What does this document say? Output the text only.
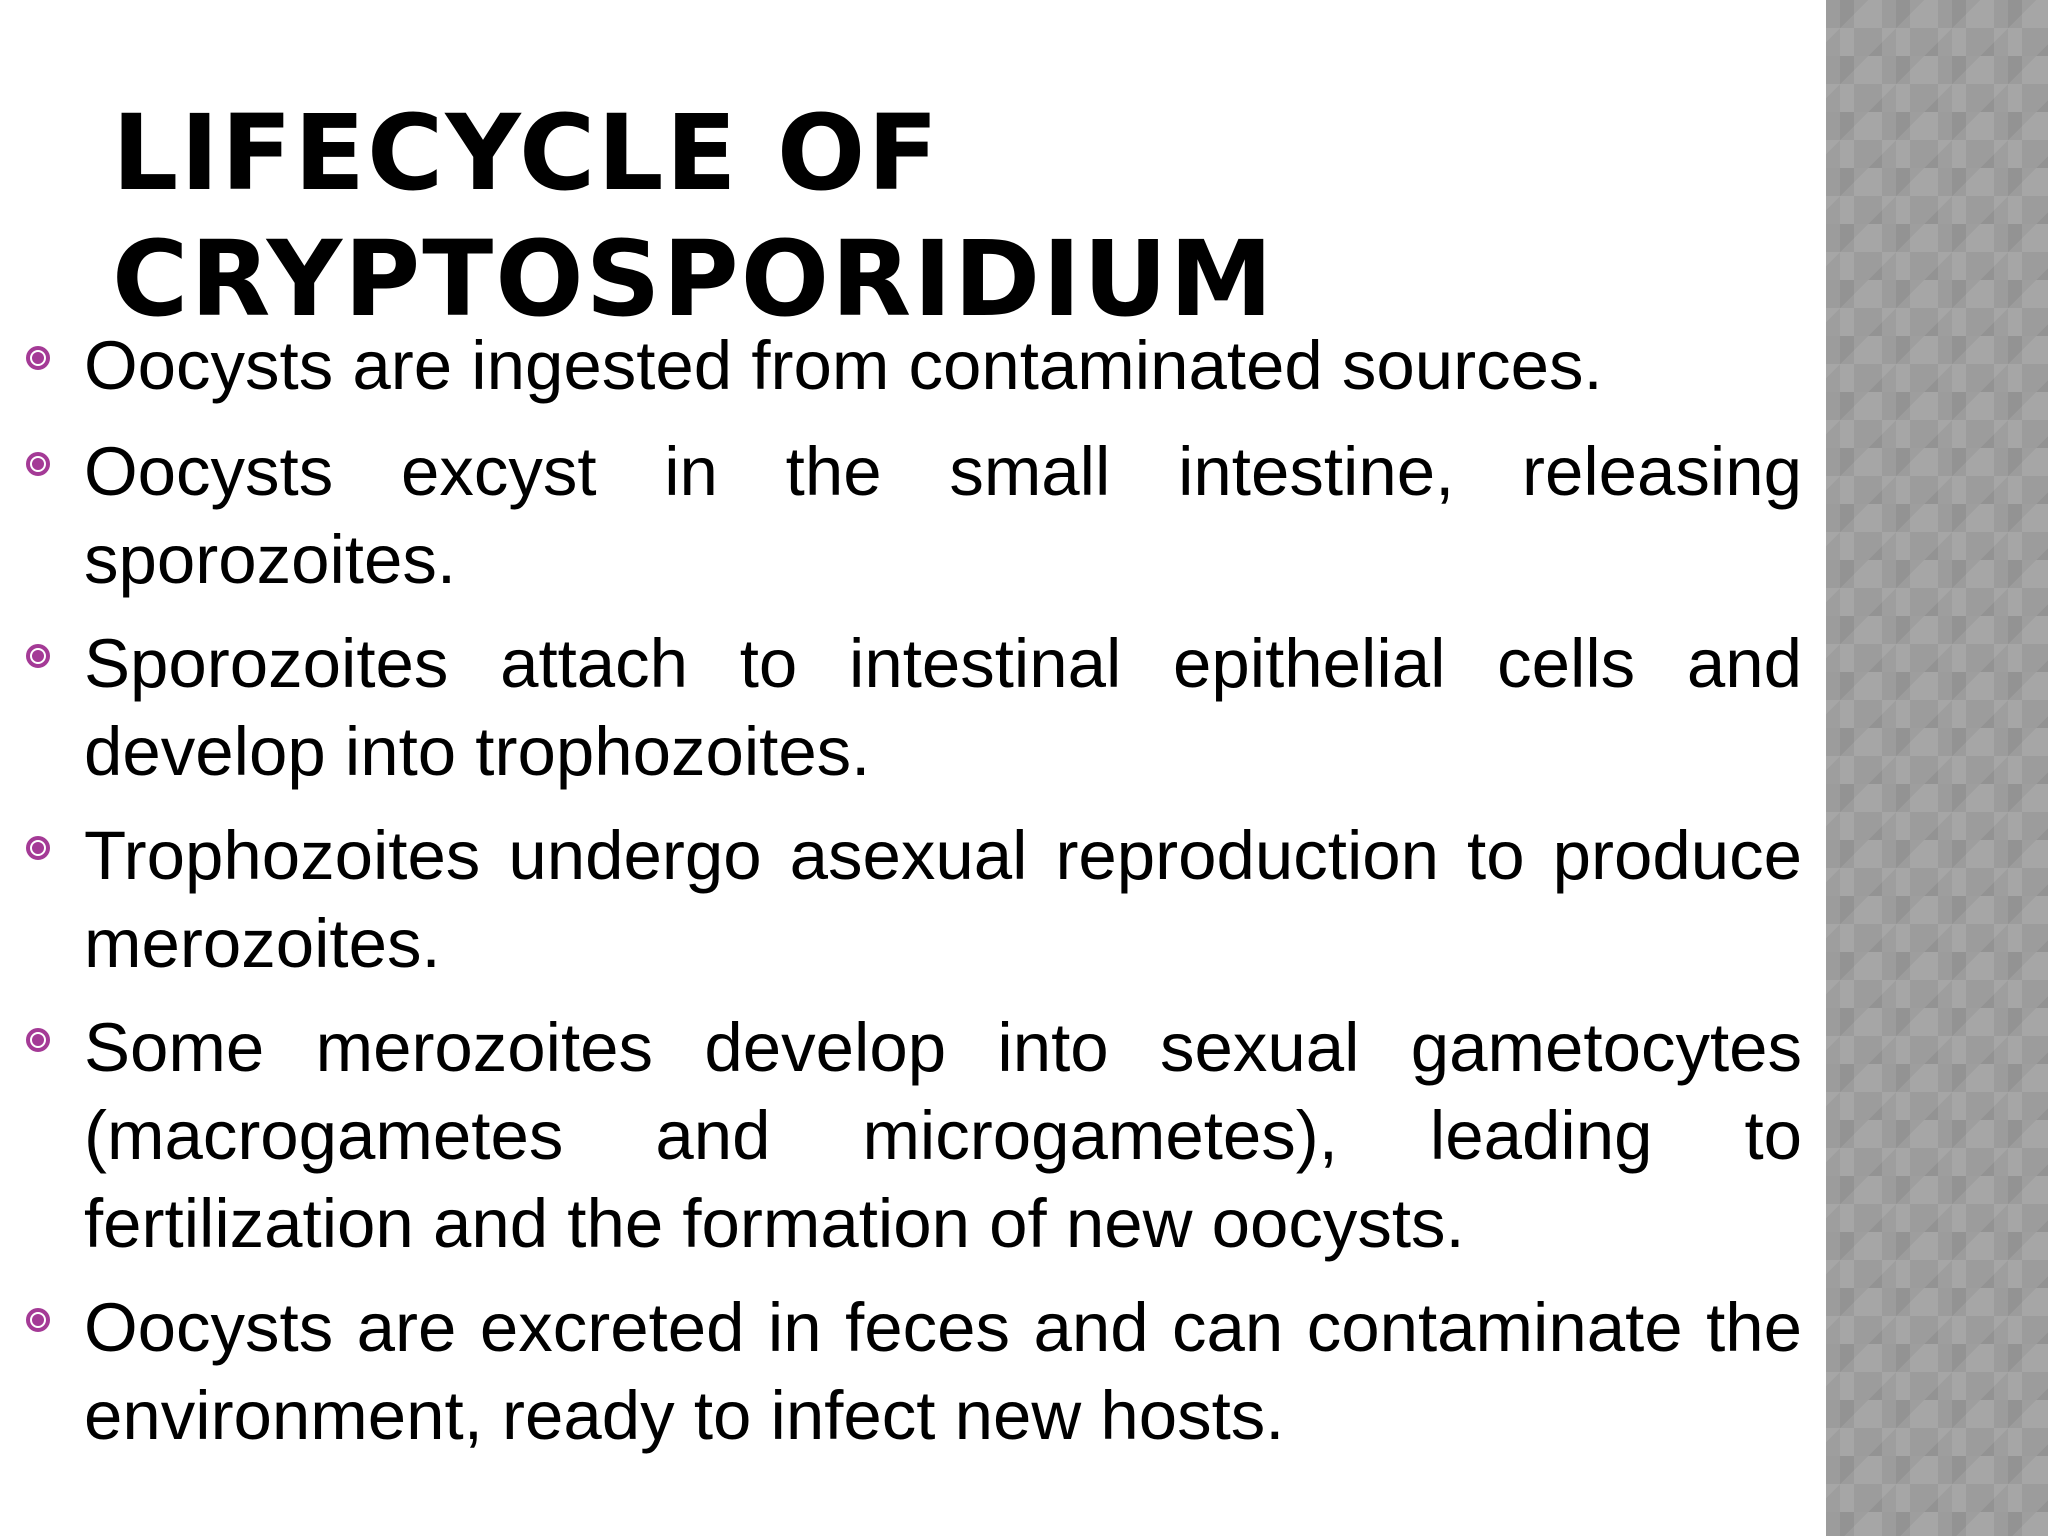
LIFECYCLE OF CRYPTOSPORIDIUM
Oocysts are ingested from contaminated sources.
Oocysts excyst in the small intestine, releasing sporozoites.
Sporozoites attach to intestinal epithelial cells and develop into trophozoites.
Trophozoites undergo asexual reproduction to produce merozoites.
Some merozoites develop into sexual gametocytes (macrogametes and microgametes), leading to fertilization and the formation of new oocysts.
Oocysts are excreted in feces and can contaminate the environment, ready to infect new hosts.
